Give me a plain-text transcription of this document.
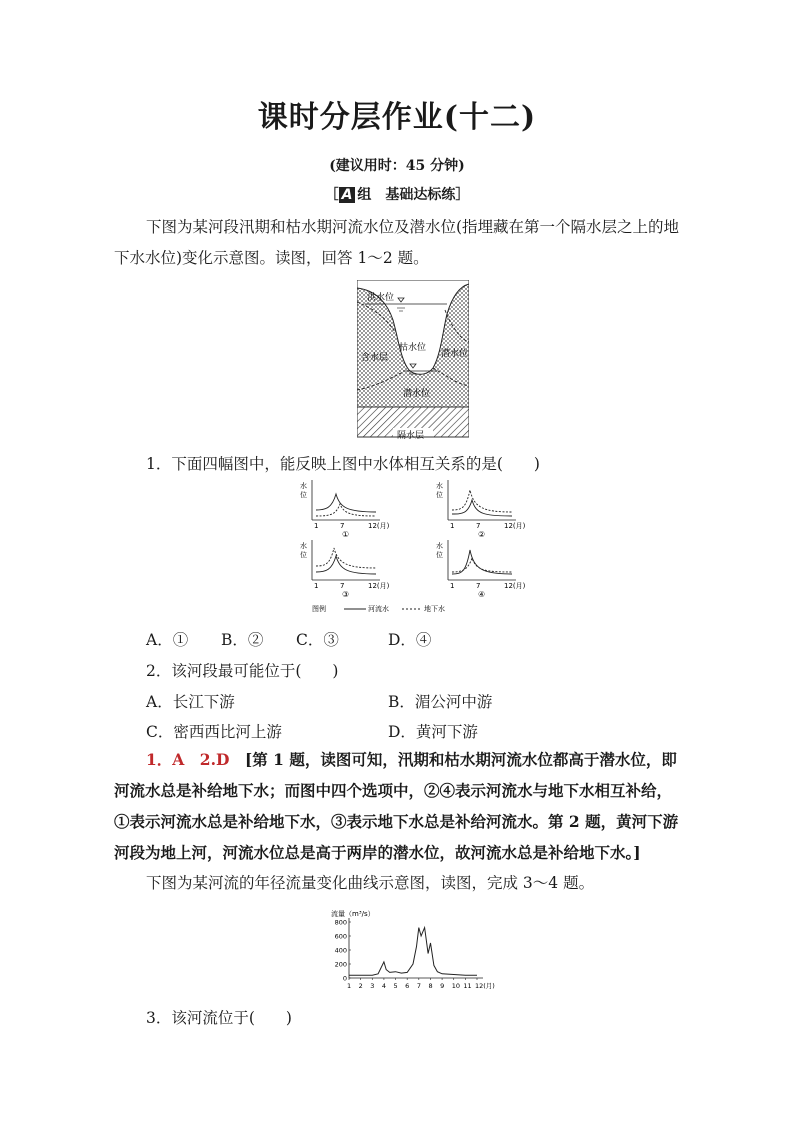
课时分层作业(十二)
(建议用时：45 分钟)
［ A 组　基础达标练］
下图为某河段汛期和枯水期河流水位及潜水位(指埋藏在第一个隔水层之上的地下水水位)变化示意图。读图，回答 1～2 题。
洪水位
含水层
枯水位
潜水位
潜水位
隔水层
1．下面四幅图中，能反映上图中水体相互关系的是(　　)
水
位
1	7	12(月)
①
水
位
1	7	12(月)
②
水
位
1	7	12(月)
③
水
位
1	7	12(月)
④
图例	河流水	地下水
A．① B．② C．③	D．④
2．该河段最可能位于(　　)
A．长江下游	B．湄公河中游
C．密西西比河上游	D．黄河下游
1．A　2.D　 [第 1 题，读图可知，汛期和枯水期河流水位都高于潜水位，即河流水总是补给地下水；而图中四个选项中，②④表示河流水与地下水相互补给，①表示河流水总是补给地下水，③表示地下水总是补给河流水。第 2 题，黄河下游河段为地上河，河流水位总是高于两岸的潜水位，故河流水总是补给地下水。]
下图为某河流的年径流量变化曲线示意图，读图，完成 3～4 题。
流量（m³/s）
800
600
400
200
0
1 2 3 4 5 6 7 8 9 10 11 12(月)
3．该河流位于(　　)
